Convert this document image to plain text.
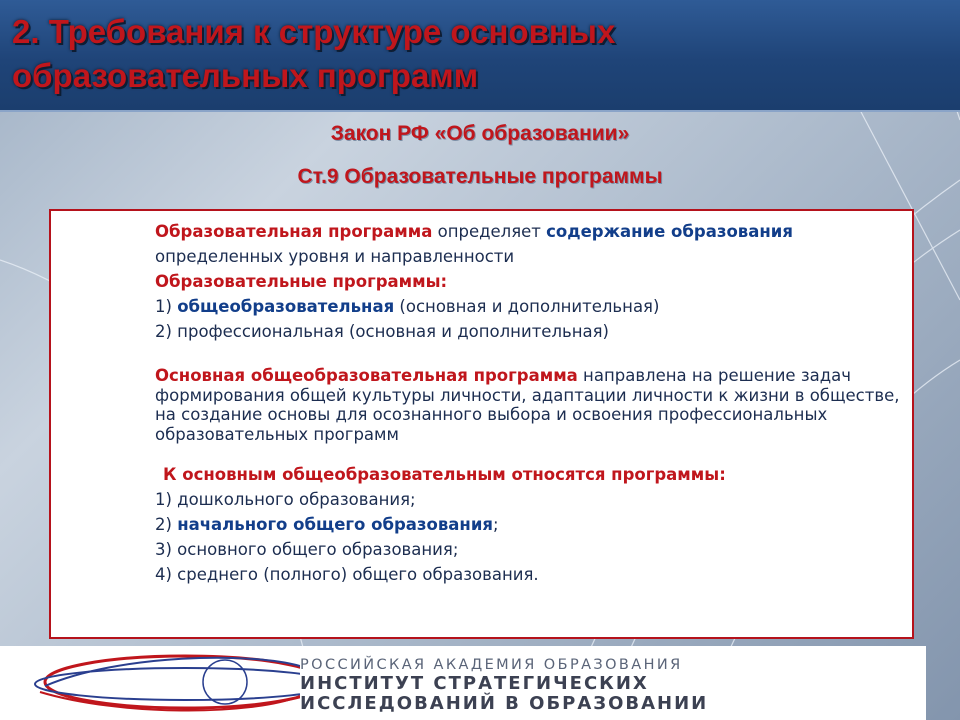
2. Требования к структуре основных образовательных программ
Закон РФ «Об образовании»
Ст.9 Образовательные программы

Образовательная программа определяет содержание образования определенных уровня и направленности

Образовательные программы:

1) общеобразовательная (основная и дополнительная)

2) профессиональная (основная и дополнительная)

Основная общеобразовательная программа направлена на решение задач формирования общей культуры личности, адаптации личности к жизни в обществе, на создание основы для осознанного выбора и освоения профессиональных образовательных программ

К основным общеобразовательным относятся программы:

1) дошкольного образования;

2) начального общего образования;

3) основного общего образования;

4) среднего (полного) общего образования.

РОССИЙСКАЯ АКАДЕМИЯ ОБРАЗОВАНИЯ
ИНСТИТУТ СТРАТЕГИЧЕСКИХ
ИССЛЕДОВАНИЙ В ОБРАЗОВАНИИ
